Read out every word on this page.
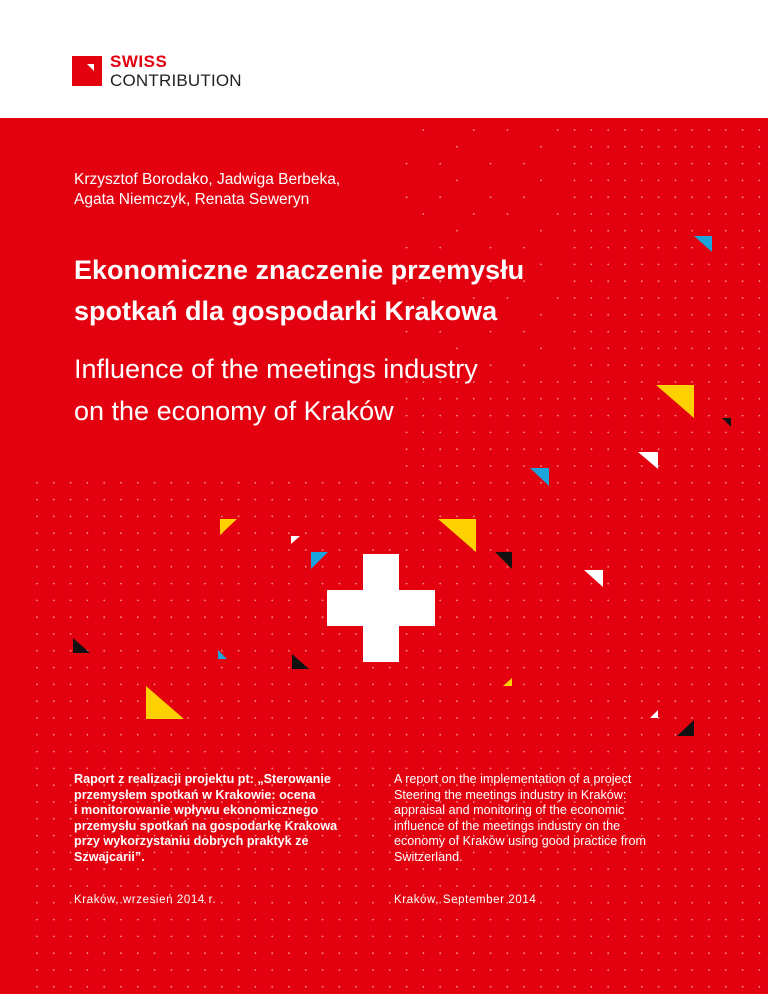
SWISS
CONTRIBUTION
Krzysztof Borodako, Jadwiga Berbeka,
Agata Niemczyk, Renata Seweryn
Ekonomiczne znaczenie przemysłu
spotkań dla gospodarki Krakowa
Influence of the meetings industry
on the economy of Kraków
Raport z realizacji projektu pt: „Sterowanie
przemysłem spotkań w Krakowie: ocena
i monitorowanie wpływu ekonomicznego
przemysłu spotkań na gospodarkę Krakowa
przy wykorzystaniu dobrych praktyk ze
Szwajcarii”.
A report on the implementation of a project
Steering the meetings industry in Kraków:
appraisal and monitoring of the economic
influence of the meetings industry on the
economy of Kraków using good practice from
Switzerland.
Kraków, wrzesień 2014 r.	Kraków, September 2014
